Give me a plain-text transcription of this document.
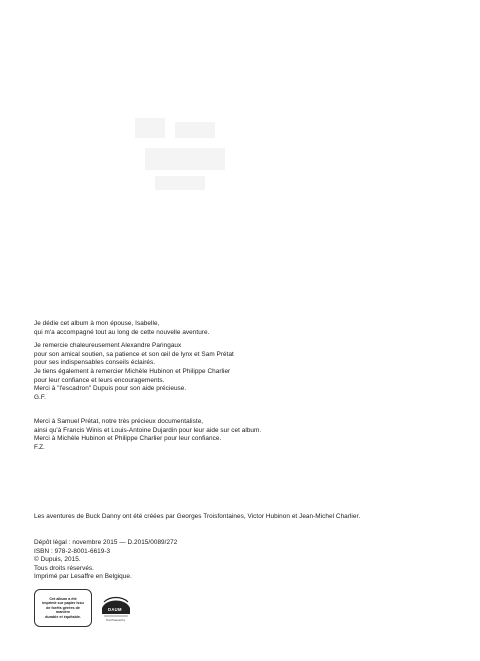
Je dédie cet album à mon épouse, Isabelle,
qui m'a accompagné tout au long de cette nouvelle aventure.
Je remercie chaleureusement Alexandre Paringaux
pour son amical soutien, sa patience et son œil de lynx et Sam Prétat
pour ses indispensables conseils éclairés.
Je tiens également à remercier Michèle Hubinon et Philippe Charlier
pour leur confiance et leurs encouragements.
Merci à "l'escadron" Dupuis pour son aide précieuse.
G.F.
Merci à Samuel Prétat, notre très précieux documentaliste,
ainsi qu'à Francis Winis et Louis-Antoine Dujardin pour leur aide sur cet album.
Merci à Michèle Hubinon et Philippe Charlier pour leur confiance.
F.Z.
Les aventures de Buck Danny ont été créées par Georges Troisfontaines, Victor Hubinon et Jean-Michel Charlier.
Dépôt légal : novembre 2015 — D.2015/0089/272
ISBN : 978-2-8001-6619-3
© Dupuis, 2015.
Tous droits réservés.
Imprimé par Lesaffre en Belgique.
Cet album a été
imprimé sur papier issu
de forêts gérées de
manière
durable et équitable.
DAUM
Text Powered by
